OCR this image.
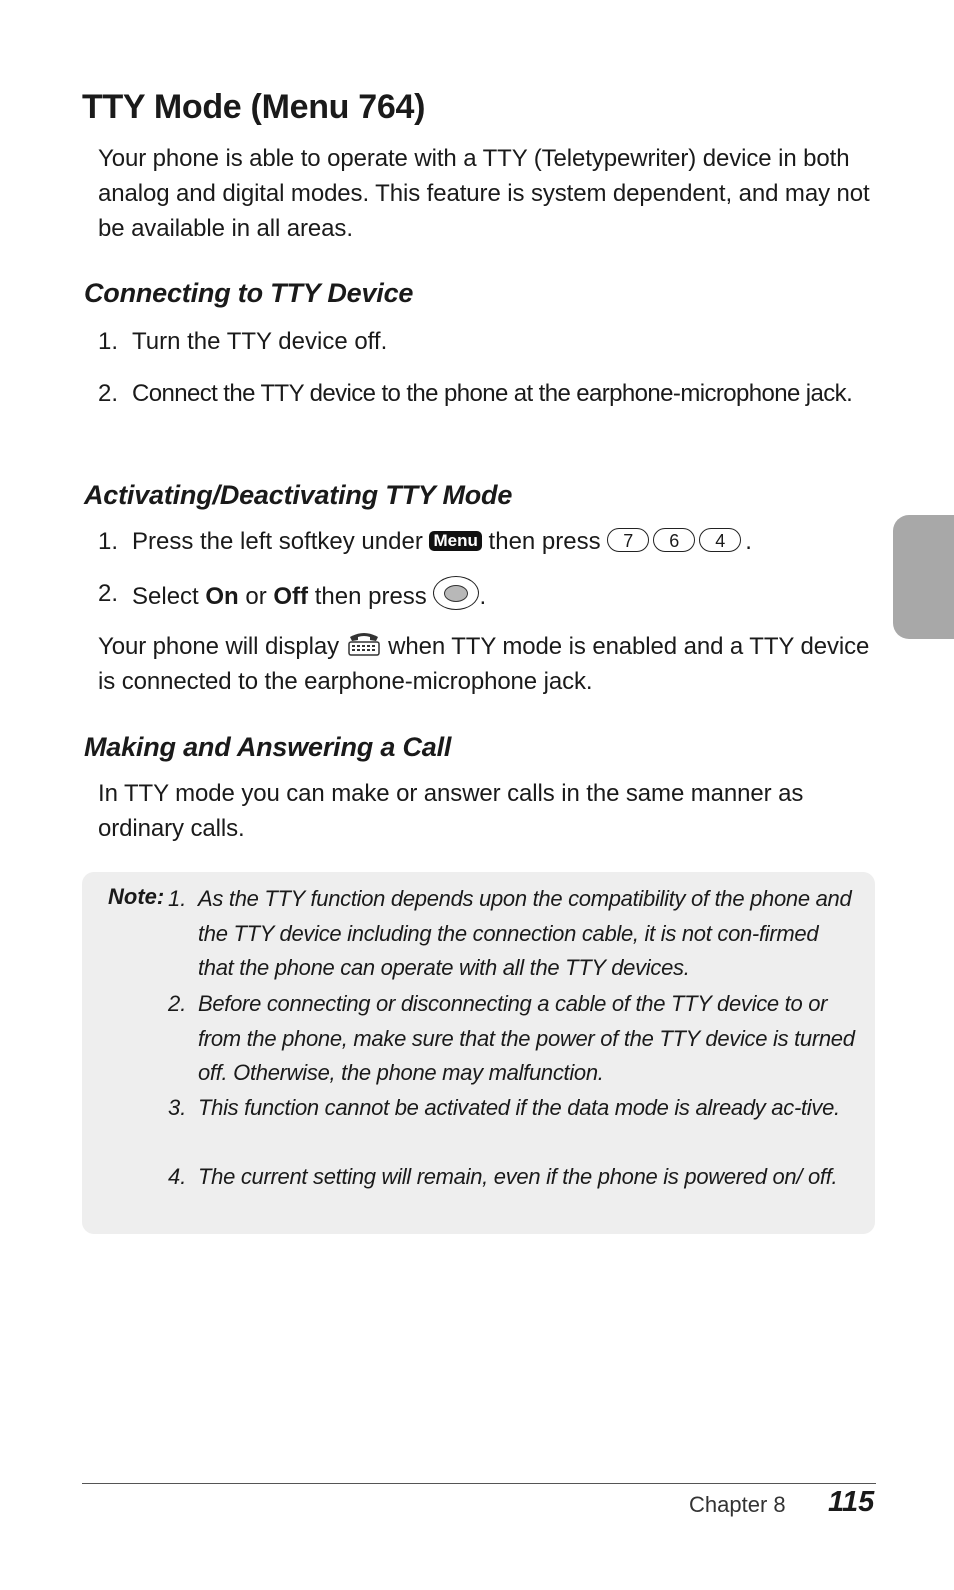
TTY Mode (Menu 764)

Your phone is able to operate with a TTY (Teletypewriter) device in both analog and digital modes. This feature is system dependent, and may not be available in all areas.

Connecting to TTY Device
1. Turn the TTY device off.
2. Connect the TTY device to the phone at the earphone-microphone jack.
Activating/Deactivating TTY Mode
1. Press the left softkey under Menu then press 7 6 4 .
2. Select On or Off then press .

Your phone will display when TTY mode is enabled and a TTY device is connected to the earphone-microphone jack.

Making and Answering a Call

In TTY mode you can make or answer calls in the same manner as ordinary calls.

Note: 1. As the TTY function depends upon the compatibility of the phone and the TTY device including the connection cable, it is not con-firmed that the phone can operate with all the TTY devices.
2. Before connecting or disconnecting a cable of the TTY device to or from the phone, make sure that the power of the TTY device is turned off. Otherwise, the phone may malfunction.
3. This function cannot be activated if the data mode is already ac-tive.
4. The current setting will remain, even if the phone is powered on/ off.
Chapter 8 115
